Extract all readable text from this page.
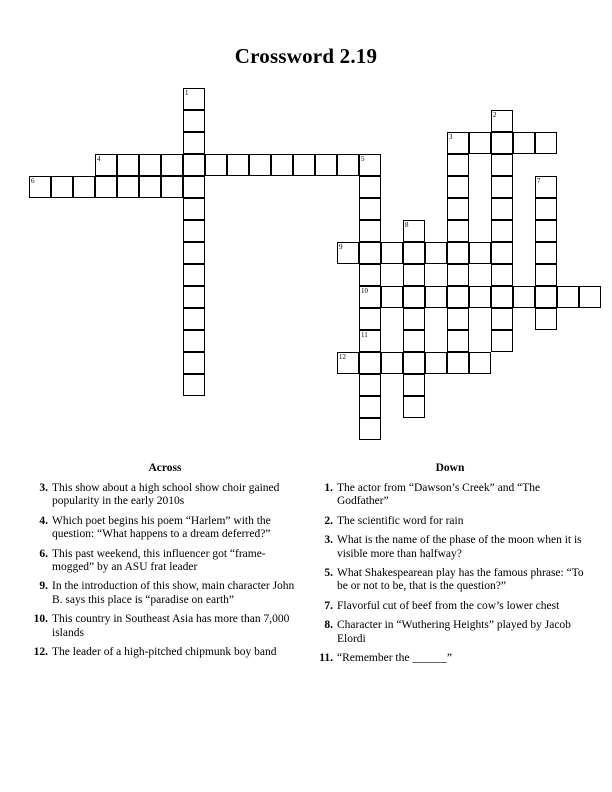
Crossword 2.19
1
2
3
4	5
6	7
8
9
10
11
12
Across
3. This show about a high school show choir gained popularity in the early 2010s
4. Which poet begins his poem “Harlem” with the question: “What happens to a dream deferred?”
6. This past weekend, this influencer got “frame-mogged” by an ASU frat leader
9. In the introduction of this show, main character John B. says this place is “paradise on earth”
10. This country in Southeast Asia has more than 7,000 islands
12. The leader of a high-pitched chipmunk boy band
Down
1. The actor from “Dawson’s Creek” and “The Godfather”
2. The scientific word for rain
3. What is the name of the phase of the moon when it is visible more than halfway?
5. What Shakespearean play has the famous phrase: “To be or not to be, that is the question?”
7. Flavorful cut of beef from the cow’s lower chest
8. Character in “Wuthering Heights” played by Jacob Elordi
11. “Remember the ______”
